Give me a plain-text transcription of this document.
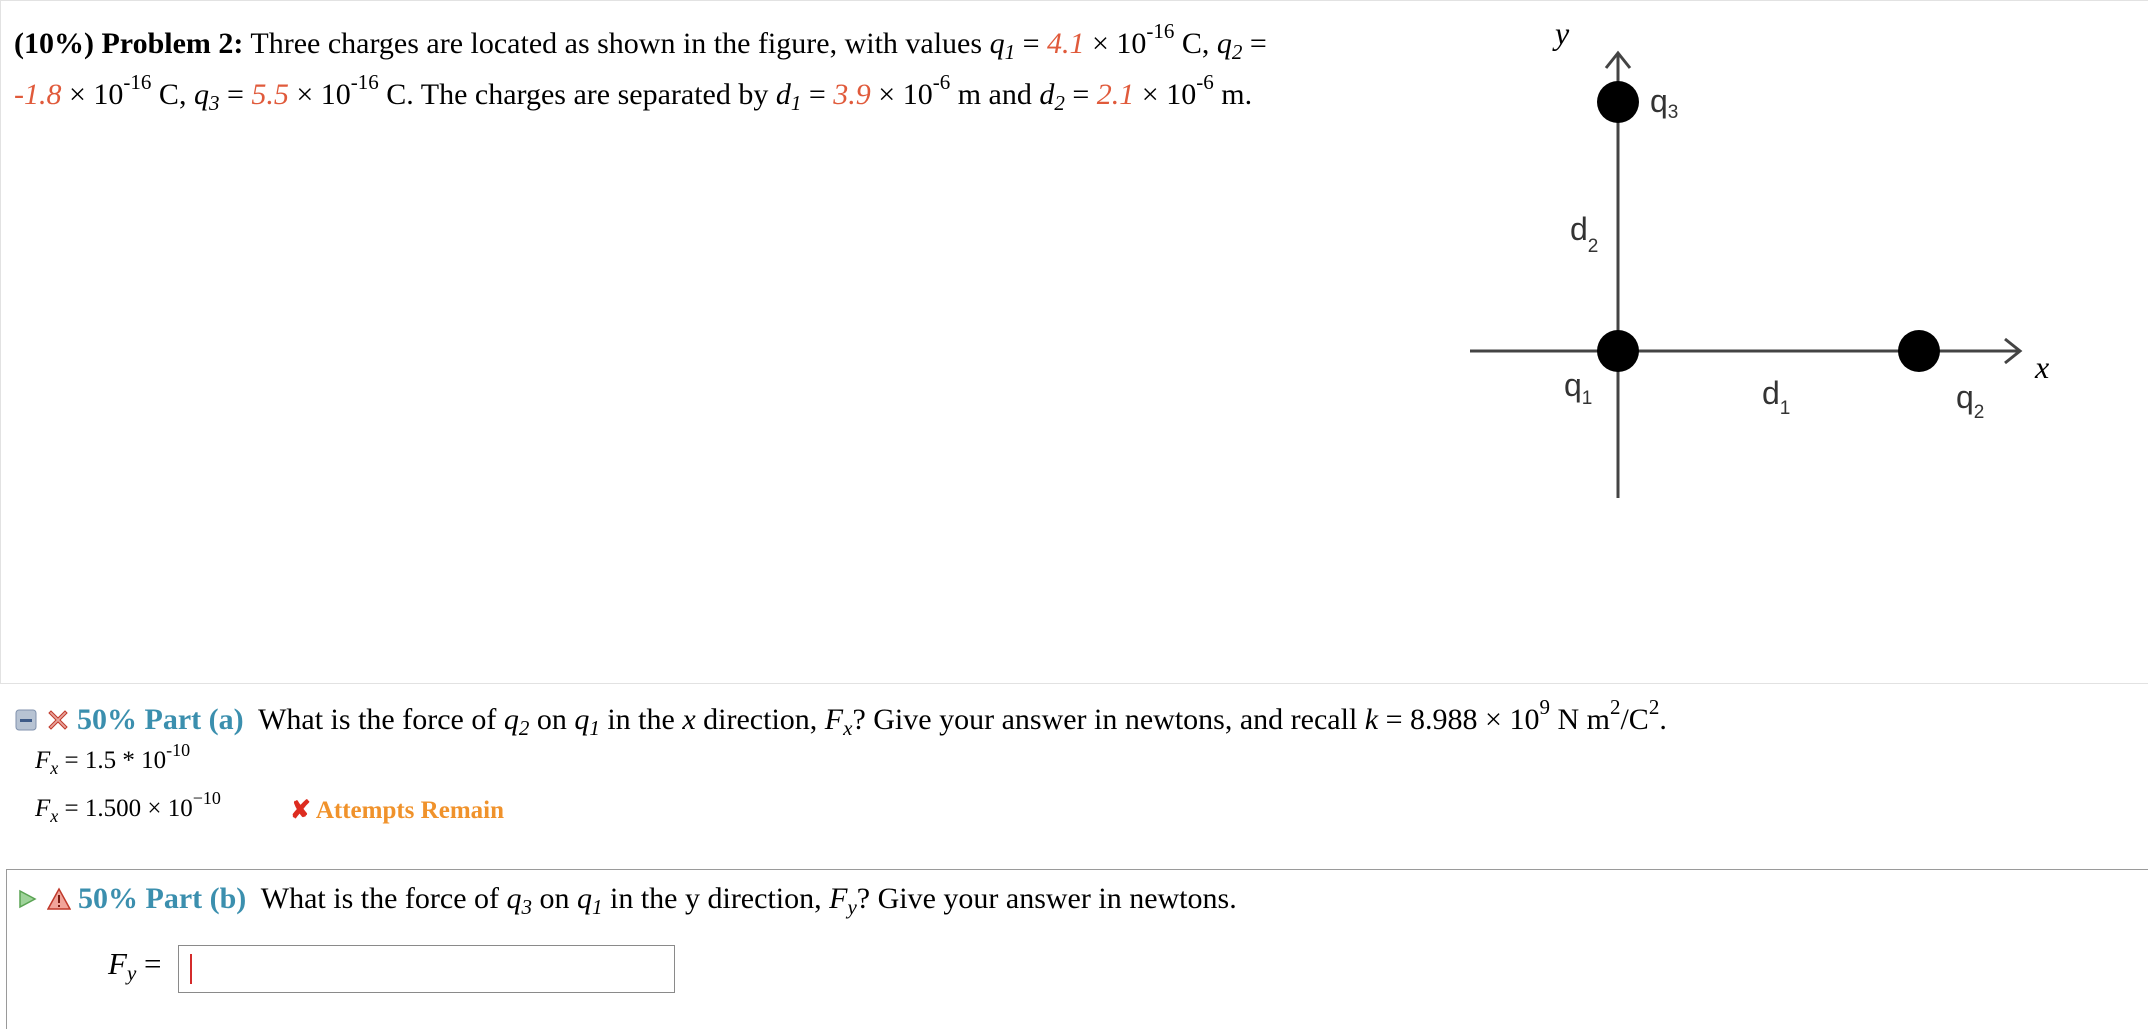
(10%) Problem 2: Three charges are located as shown in the figure, with values $q_1 = 4.1 \times 10^{-16}$ C, $q_2$ =
$-1.8 \times 10^{-16}$ C, $q_3 = 5.5 \times 10^{-16}$ C. The charges are separated by $d_1 = 3.9 \times 10^{-6}$ m and $d_2 = 2.1 \times 10^{-6}$ m.
y
x
q3
$d_2$
$q_1$	$d_1$	$q_2$
50% Part (a) What is the force of $q_2$ on $q_1$ in the x direction, $F_x$? Give your answer in newtons, and recall $k = 8.988 \times 10^9$ N $m^2/C^2$.
$F_x = 1.5 * 10^{-10}$
$F_x = 1.500 \times 10^{-10}$	✘ Attempts Remain
50% Part (b) What is the force of $q_3$ on $q_1$ in the y direction, $F_y$? Give your answer in newtons.
$F_y$ =
